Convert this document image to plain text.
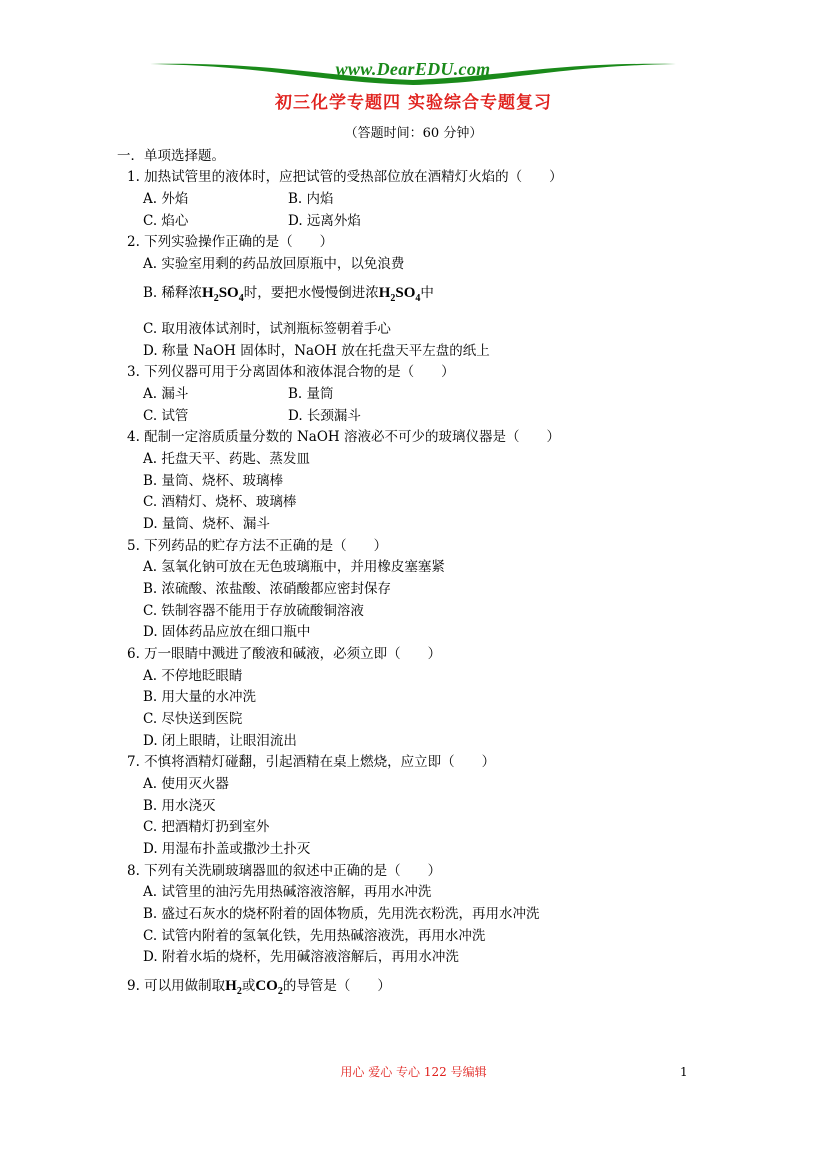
www.DearEDU.com
初三化学专题四 实验综合专题复习
（答题时间：60 分钟）
一．单项选择题。
1. 加热试管里的液体时，应把试管的受热部位放在酒精灯火焰的（　　）
A. 外焰	B. 内焰
C. 焰心	D. 远离外焰
2. 下列实验操作正确的是（　　）
A. 实验室用剩的药品放回原瓶中，以免浪费
B. 稀释浓$H_2SO_4$时，要把水慢慢倒进浓$H_2SO_4$中
C. 取用液体试剂时，试剂瓶标签朝着手心
D. 称量 NaOH 固体时，NaOH 放在托盘天平左盘的纸上
3. 下列仪器可用于分离固体和液体混合物的是（　　）
A. 漏斗	B. 量筒
C. 试管	D. 长颈漏斗
4. 配制一定溶质质量分数的 NaOH 溶液必不可少的玻璃仪器是（　　）
A. 托盘天平、药匙、蒸发皿
B. 量筒、烧杯、玻璃棒
C. 酒精灯、烧杯、玻璃棒
D. 量筒、烧杯、漏斗
5. 下列药品的贮存方法不正确的是（　　）
A. 氢氧化钠可放在无色玻璃瓶中，并用橡皮塞塞紧
B. 浓硫酸、浓盐酸、浓硝酸都应密封保存
C. 铁制容器不能用于存放硫酸铜溶液
D. 固体药品应放在细口瓶中
6. 万一眼睛中溅进了酸液和碱液，必须立即（　　）
A. 不停地眨眼睛
B. 用大量的水冲洗
C. 尽快送到医院
D. 闭上眼睛，让眼泪流出
7. 不慎将酒精灯碰翻，引起酒精在桌上燃烧，应立即（　　）
A. 使用灭火器
B. 用水浇灭
C. 把酒精灯扔到室外
D. 用湿布扑盖或撒沙土扑灭
8. 下列有关洗刷玻璃器皿的叙述中正确的是（　　）
A. 试管里的油污先用热碱溶液溶解，再用水冲洗
B. 盛过石灰水的烧杯附着的固体物质，先用洗衣粉洗，再用水冲洗
C. 试管内附着的氢氧化铁，先用热碱溶液洗，再用水冲洗
D. 附着水垢的烧杯，先用碱溶液溶解后，再用水冲洗
9. 可以用做制取$H_2$或$CO_2$的导管是（　　）
用心 爱心 专心 122 号编辑	1
